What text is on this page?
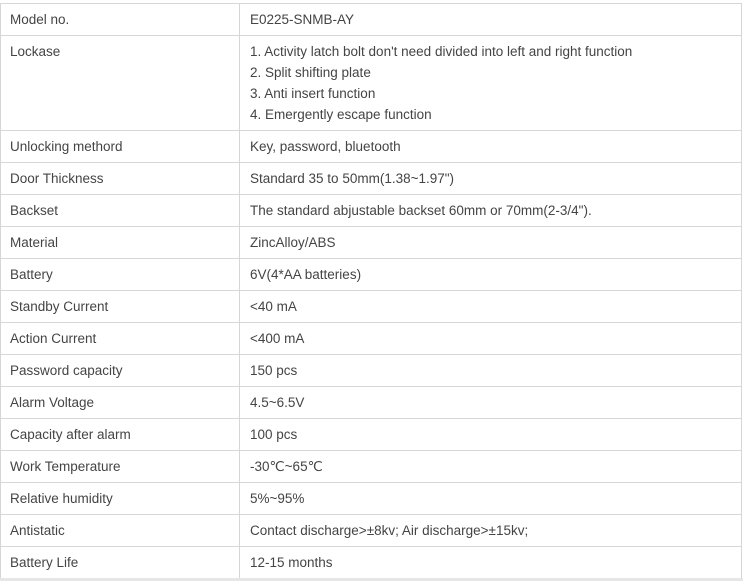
Model no.	E0225-SNMB-AY
Lockase	1. Activity latch bolt don't need divided into left and right function
2. Split shifting plate
3. Anti insert function
4. Emergently escape function

Unlocking methord	Key, password, bluetooth
Door Thickness	Standard 35 to 50mm(1.38~1.97")
Backset	The standard abjustable backset 60mm or 70mm(2-3/4").
Material	ZincAlloy/ABS
Battery	6V(4*AA batteries)
Standby Current	<40 mA
Action Current	<400 mA
Password capacity	150 pcs
Alarm Voltage	4.5~6.5V
Capacity after alarm	100 pcs
Work Temperature	-30℃~65℃
Relative humidity	5%~95%
Antistatic	Contact discharge>±8kv; Air discharge>±15kv;
Battery Life	12-15 months
